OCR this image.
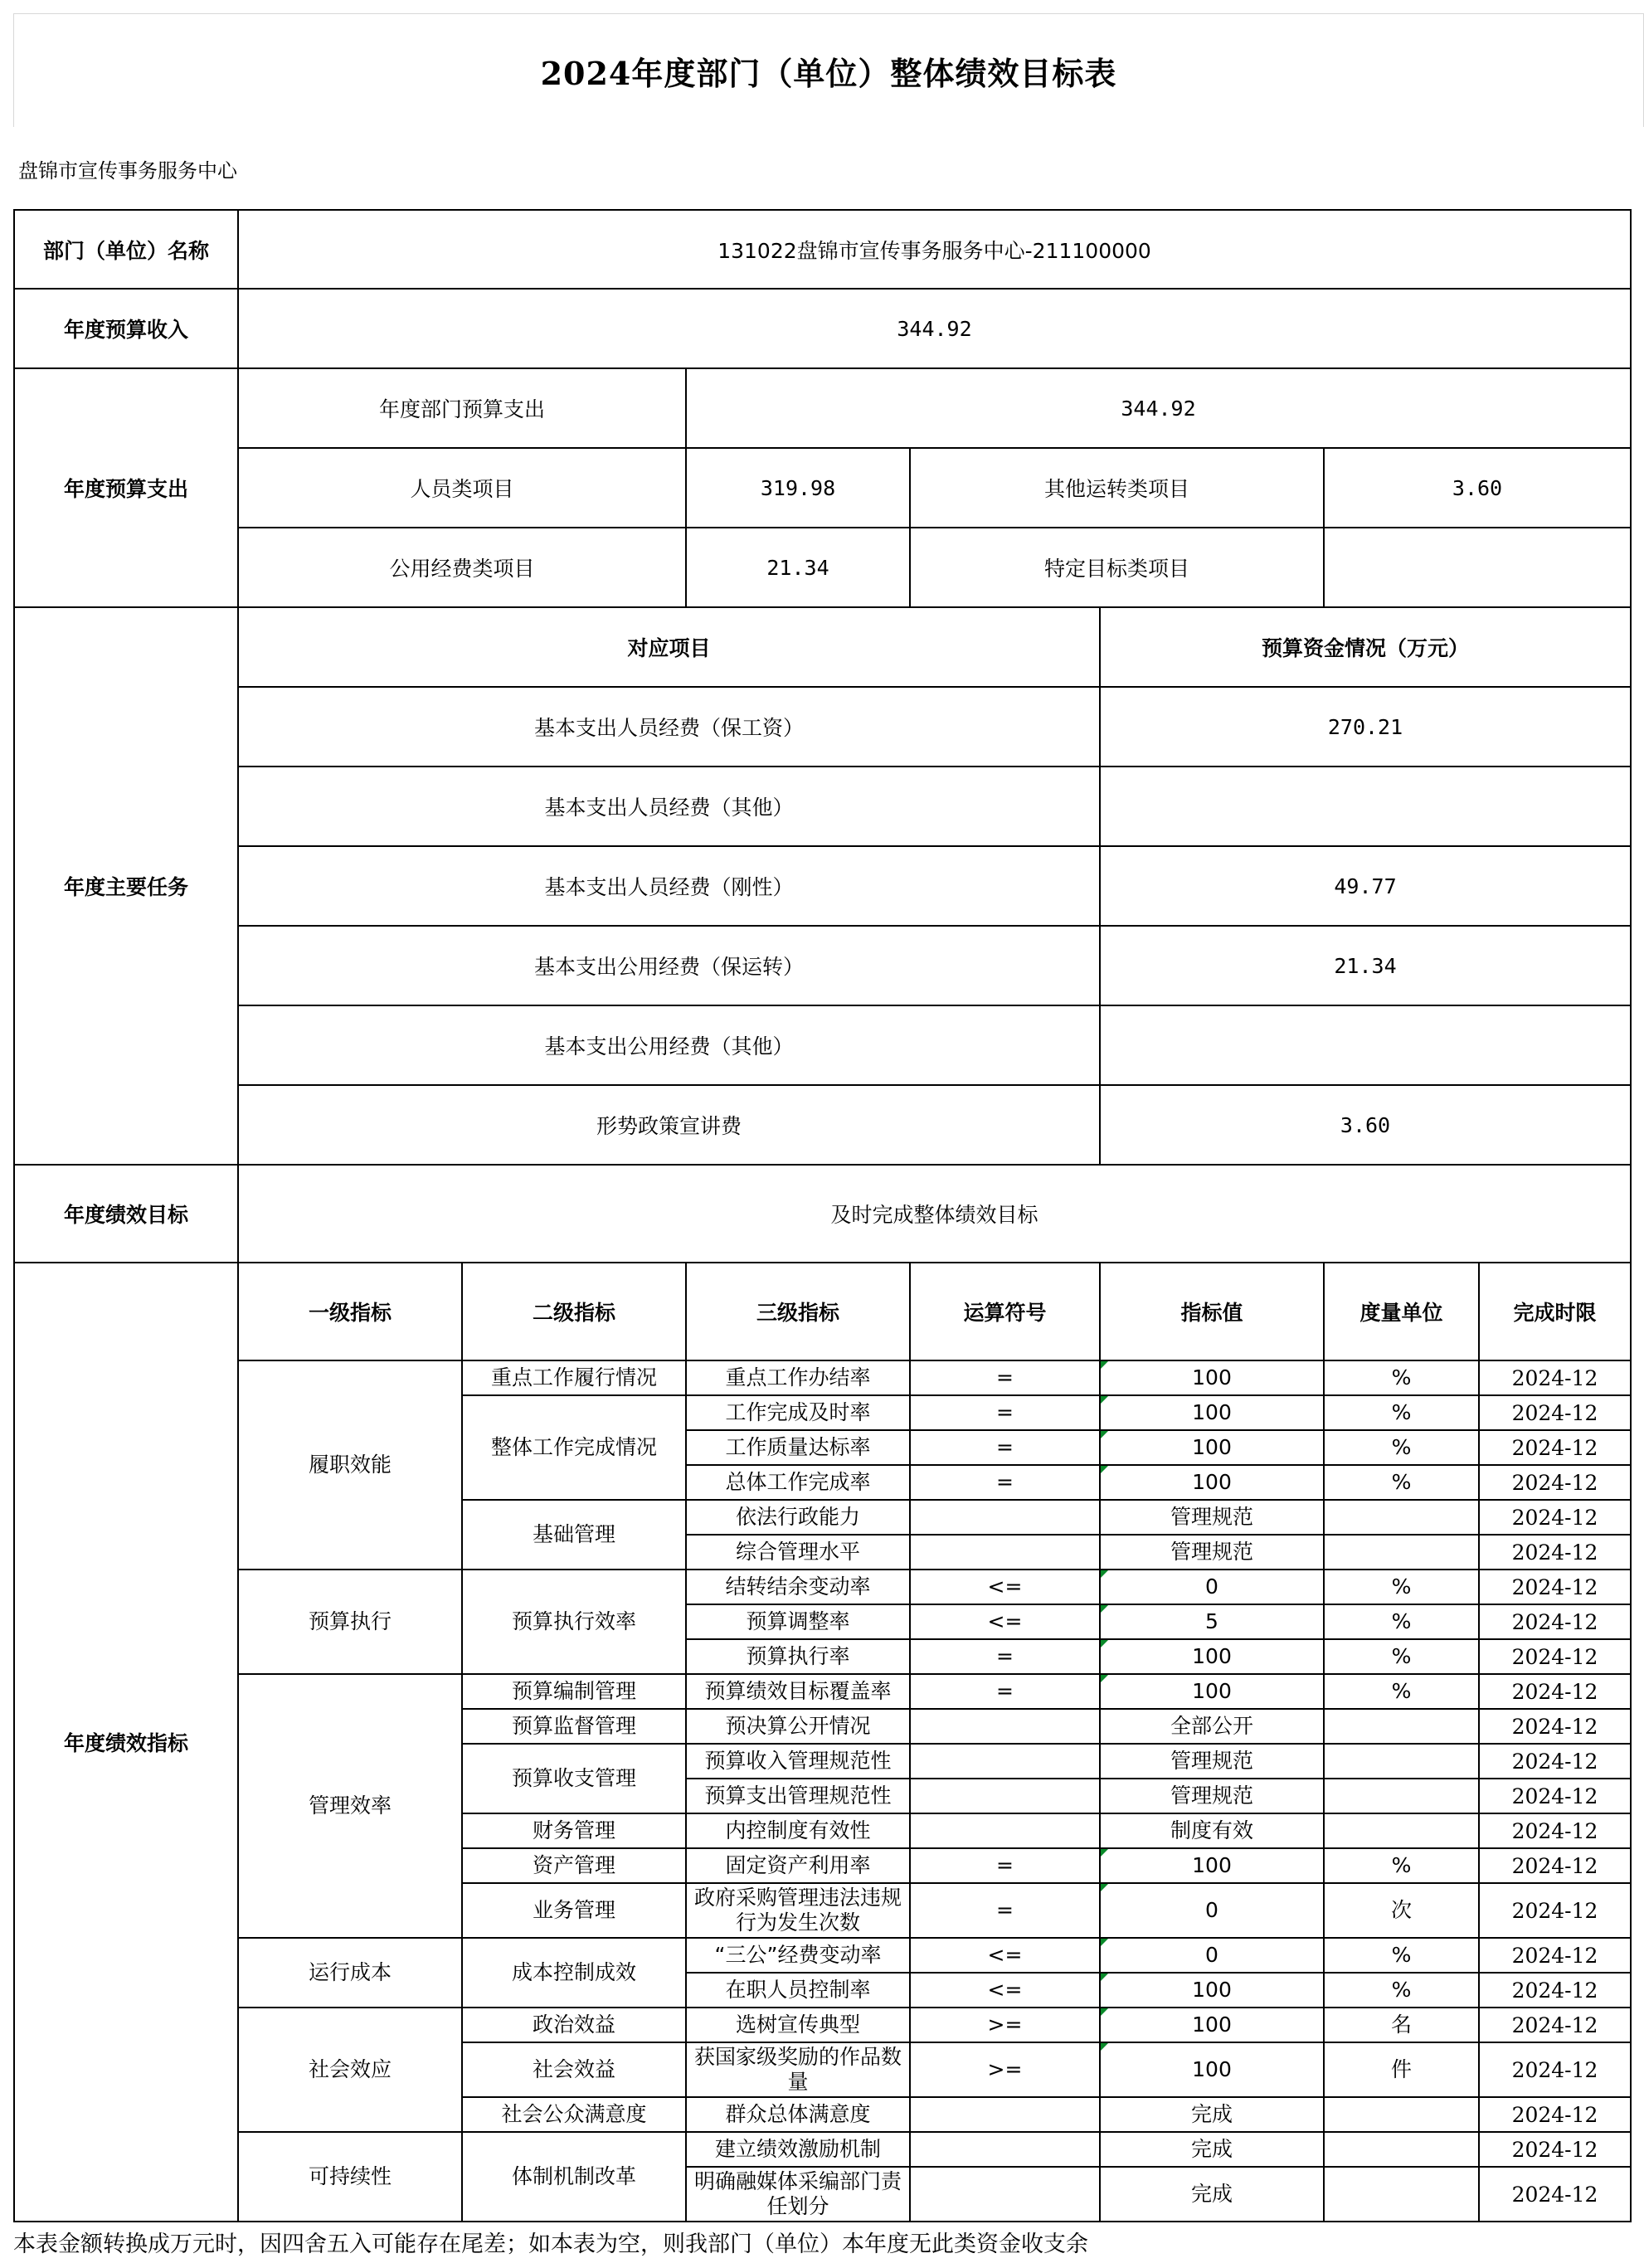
2024年度部门（单位）整体绩效目标表
盘锦市宣传事务服务中心
部门（单位）名称	131022盘锦市宣传事务服务中心-211100000						
年度预算收入	344.92						
年度预算支出	年度部门预算支出		344.92				
	人员类项目		319.98	其他运转类项目		3.60	
	公用经费类项目		21.34	特定目标类项目			
年度主要任务	对应项目				预算资金情况（万元）		
	基本支出人员经费（保工资）				270.21		
	基本支出人员经费（其他）						
	基本支出人员经费（刚性）				49.77		
	基本支出公用经费（保运转）				21.34		
	基本支出公用经费（其他）						
	形势政策宣讲费				3.60		
年度绩效目标	及时完成整体绩效目标						
年度绩效指标	一级指标	二级指标	三级指标	运算符号	指标值	度量单位	完成时限
	履职效能	重点工作履行情况	重点工作办结率	=	100	%	2024-12
		整体工作完成情况	工作完成及时率	=	100	%	2024-12
			工作质量达标率	=	100	%	2024-12
			总体工作完成率	=	100	%	2024-12
		基础管理	依法行政能力		管理规范		2024-12
			综合管理水平		管理规范		2024-12
	预算执行	预算执行效率	结转结余变动率	<=	0	%	2024-12
			预算调整率	<=	5	%	2024-12
			预算执行率	=	100	%	2024-12
	管理效率	预算编制管理	预算绩效目标覆盖率	=	100	%	2024-12
		预算监督管理	预决算公开情况		全部公开		2024-12
		预算收支管理	预算收入管理规范性		管理规范		2024-12
			预算支出管理规范性		管理规范		2024-12
		财务管理	内控制度有效性		制度有效		2024-12
		资产管理	固定资产利用率	=	100	%	2024-12
		业务管理	政府采购管理违法违规行为发生次数	=	0	次	2024-12
	运行成本	成本控制成效	“三公”经费变动率	<=	0	%	2024-12
			在职人员控制率	<=	100	%	2024-12
	社会效应	政治效益	选树宣传典型	>=	100	名	2024-12
		社会效益	获国家级奖励的作品数量	>=	100	件	2024-12
		社会公众满意度	群众总体满意度		完成		2024-12
	可持续性	体制机制改革	建立绩效激励机制		完成		2024-12
			明确融媒体采编部门责任划分		完成		2024-12
本表金额转换成万元时，因四舍五入可能存在尾差；如本表为空，则我部门（单位）本年度无此类资金收支余
